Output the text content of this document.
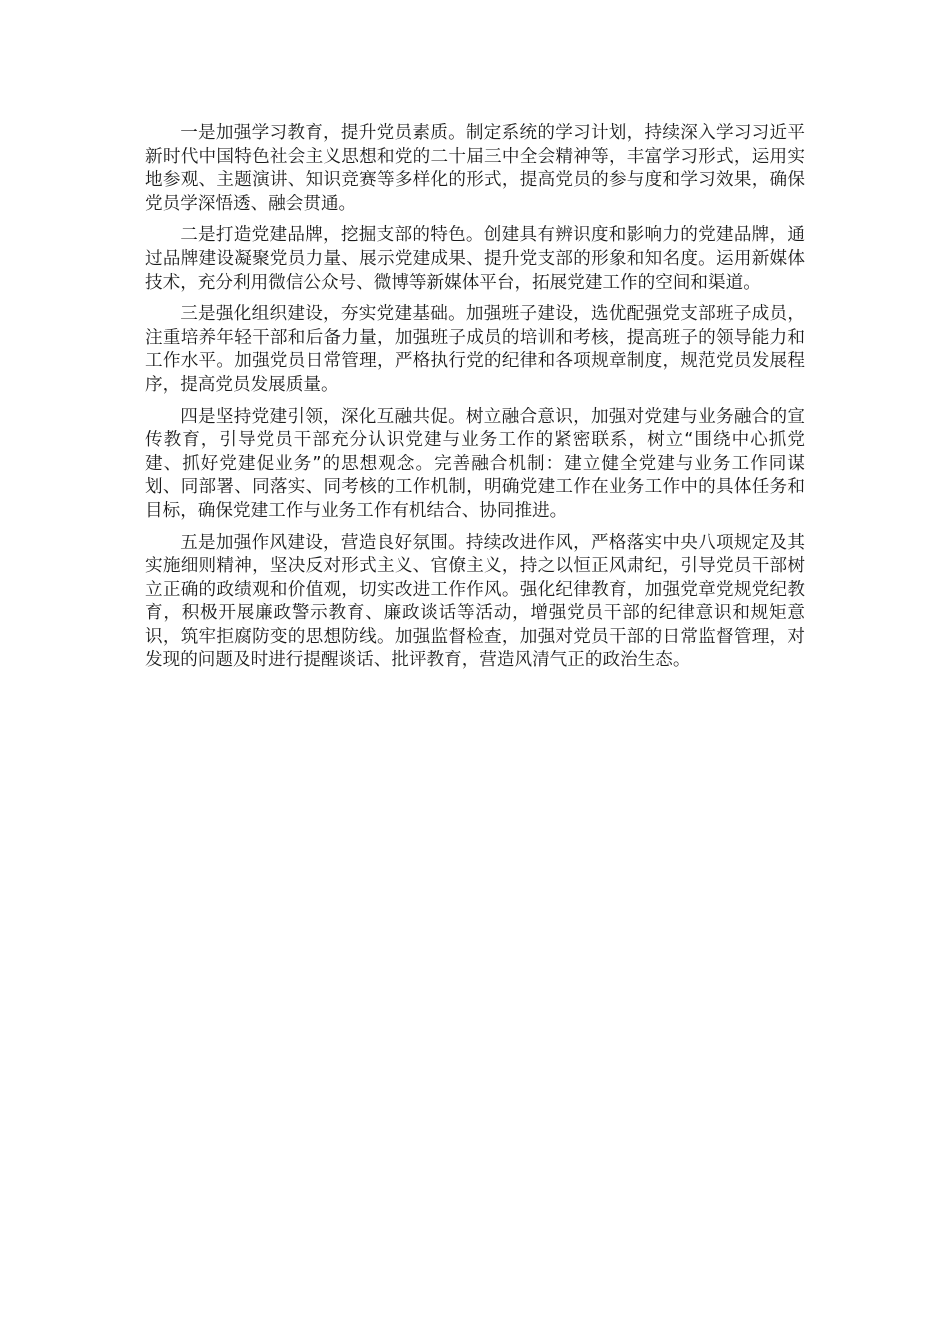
一是加强学习教育，提升党员素质。制定系统的学习计划，持续深入学习习近平新时代中国特色社会主义思想和党的二十届三中全会精神等，丰富学习形式，运用实地参观、主题演讲、知识竞赛等多样化的形式，提高党员的参与度和学习效果，确保党员学深悟透、融会贯通。

二是打造党建品牌，挖掘支部的特色。创建具有辨识度和影响力的党建品牌，通过品牌建设凝聚党员力量、展示党建成果、提升党支部的形象和知名度。运用新媒体技术，充分利用微信公众号、微博等新媒体平台，拓展党建工作的空间和渠道。

三是强化组织建设，夯实党建基础。加强班子建设，选优配强党支部班子成员，注重培养年轻干部和后备力量，加强班子成员的培训和考核，提高班子的领导能力和工作水平。加强党员日常管理，严格执行党的纪律和各项规章制度，规范党员发展程序，提高党员发展质量。

四是坚持党建引领，深化互融共促。树立融合意识，加强对党建与业务融合的宣传教育，引导党员干部充分认识党建与业务工作的紧密联系，树立“围绕中心抓党建、抓好党建促业务”的思想观念。完善融合机制：建立健全党建与业务工作同谋划、同部署、同落实、同考核的工作机制，明确党建工作在业务工作中的具体任务和目标，确保党建工作与业务工作有机结合、协同推进。

五是加强作风建设，营造良好氛围。持续改进作风，严格落实中央八项规定及其实施细则精神，坚决反对形式主义、官僚主义，持之以恒正风肃纪，引导党员干部树立正确的政绩观和价值观，切实改进工作作风。强化纪律教育，加强党章党规党纪教育，积极开展廉政警示教育、廉政谈话等活动，增强党员干部的纪律意识和规矩意识，筑牢拒腐防变的思想防线。加强监督检查，加强对党员干部的日常监督管理，对发现的问题及时进行提醒谈话、批评教育，营造风清气正的政治生态。
